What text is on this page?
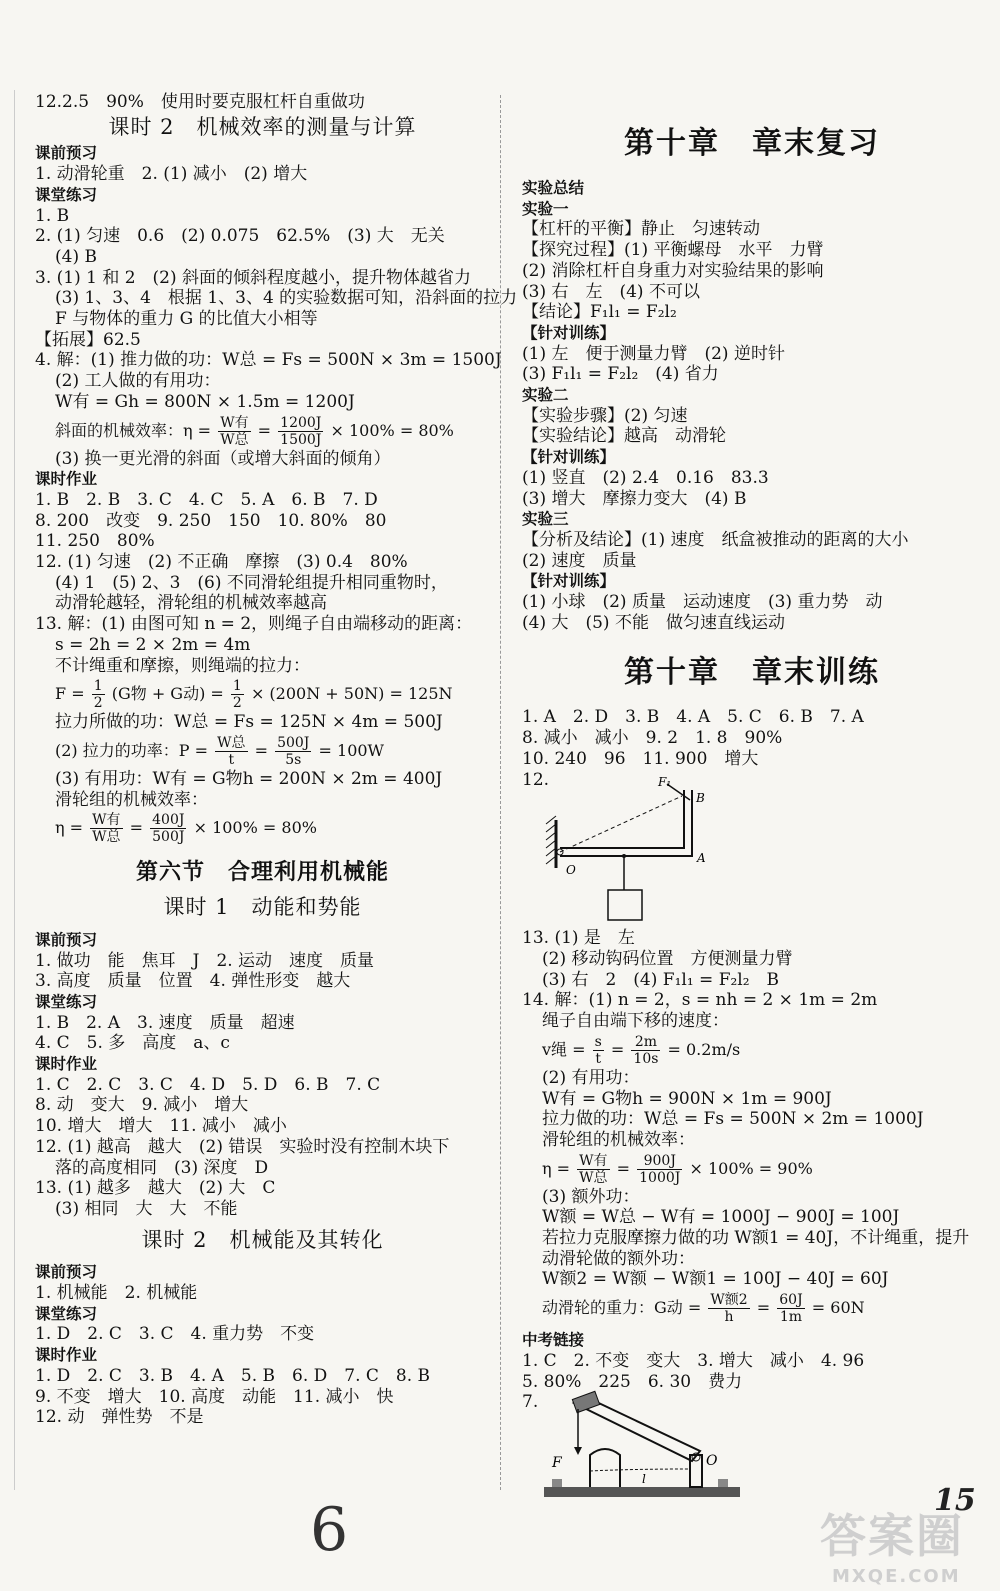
12.2.5　90%　使用时要克服杠杆自重做功
课时 2　机械效率的测量与计算
课前预习
1. 动滑轮重　2. (1) 减小　(2) 增大
课堂练习
1. B
2. (1) 匀速　0.6　(2) 0.075　62.5%　(3) 大　无关
(4) B
3. (1) 1 和 2　(2) 斜面的倾斜程度越小，提升物体越省力
(3) 1、3、4　根据 1、3、4 的实验数据可知，沿斜面的拉力
F 与物体的重力 G 的比值大小相等
【拓展】62.5
4. 解：(1) 推力做的功：W总 = Fs = 500N × 3m = 1500J
(2) 工人做的有用功：
W有 = Gh = 800N × 1.5m = 1200J
斜面的机械效率：$\eta = \frac{\text{W有}}{\text{W总}} = \frac{1200J}{1500J} \times 100\% = 80\%$
(3) 换一更光滑的斜面（或增大斜面的倾角）
课时作业
1. B　2. B　3. C　4. C　5. A　6. B　7. D
8. 200　改变　9. 250　150　10. 80%　80
11. 250　80%
12. (1) 匀速　(2) 不正确　摩擦　(3) 0.4　80%
(4) 1　(5) 2、3　(6) 不同滑轮组提升相同重物时，
动滑轮越轻，滑轮组的机械效率越高
13. 解：(1) 由图可知 n = 2，则绳子自由端移动的距离：
s = 2h = 2 × 2m = 4m
不计绳重和摩擦，则绳端的拉力：
$F = \frac{1}{2} (G$物 + G动) = $\frac{1}{2} \times (200N + 50N) = 125N$
拉力所做的功：W总 = Fs = 125N × 4m = 500J
(2) 拉力的功率：$P = \frac{\text{W总}}{t} = \frac{500J}{5s} = 100W$
(3) 有用功：W有 = G物h = 200N × 2m = 400J
滑轮组的机械效率：
$\eta = \frac{\text{W有}}{\text{W总}} = \frac{400J}{500J} \times 100\% = 80\%$
第六节　合理利用机械能
课时 1　动能和势能
课前预习
1. 做功　能　焦耳　J　2. 运动　速度　质量
3. 高度　质量　位置　4. 弹性形变　越大
课堂练习
1. B　2. A　3. 速度　质量　超速
4. C　5. 多　高度　a、c
课时作业
1. C　2. C　3. C　4. D　5. D　6. B　7. C
8. 动　变大　9. 减小　增大
10. 增大　增大　11. 减小　减小
12. (1) 越高　越大　(2) 错误　实验时没有控制木块下
落的高度相同　(3) 深度　D
13. (1) 越多　越大　(2) 大　C
(3) 相同　大　大　不能
课时 2　机械能及其转化
课前预习
1. 机械能　2. 机械能
课堂练习
1. D　2. C　3. C　4. 重力势　不变
课时作业
1. D　2. C　3. B　4. A　5. B　6. D　7. C　8. B
9. 不变　增大　10. 高度　动能　11. 减小　快
12. 动　弹性势　不是
第十章　章末复习
实验总结
实验一
【杠杆的平衡】静止　匀速转动
【探究过程】(1) 平衡螺母　水平　力臂
(2) 消除杠杆自身重力对实验结果的影响
(3) 右　左　(4) 不可以
【结论】F₁l₁ = F₂l₂
【针对训练】
(1) 左　便于测量力臂　(2) 逆时针
(3) F₁l₁ = F₂l₂　(4) 省力
实验二
【实验步骤】(2) 匀速
【实验结论】越高　动滑轮
【针对训练】
(1) 竖直　(2) 2.4　0.16　83.3
(3) 增大　摩擦力变大　(4) B
实验三
【分析及结论】(1) 速度　纸盒被推动的距离的大小
(2) 速度　质量
【针对训练】
(1) 小球　(2) 质量　运动速度　(3) 重力势　动
(4) 大　(5) 不能　做匀速直线运动
第十章　章末训练
1. A　2. D　3. B　4. A　5. C　6. B　7. A
8. 减小　减小　9. 2　1. 8　90%
10. 240　96　11. 900　增大
12.	F₁
B
A
O
13. (1) 是　左
(2) 移动钩码位置　方便测量力臂
(3) 右　2　(4) F₁l₁ = F₂l₂　B
14. 解：(1) n = 2，s = nh = 2 × 1m = 2m
绳子自由端下移的速度：
v绳 = $\frac{s}{t} = \frac{2m}{10s} = 0.2m/s$
(2) 有用功：
W有 = G物h = 900N × 1m = 900J
拉力做的功：W总 = Fs = 500N × 2m = 1000J
滑轮组的机械效率：
$\eta = \frac{\text{W有}}{\text{W总}} = \frac{900J}{1000J} \times 100\% = 90\%$
(3) 额外功：
W额 = W总 − W有 = 1000J − 900J = 100J
若拉力克服摩擦力做的功 W额1 = 40J，不计绳重，提升
动滑轮做的额外功：
W额2 = W额 − W额1 = 100J − 40J = 60J
动滑轮的重力：G动 = $\frac{\text{W额2}}{h} = \frac{60J}{1m} = 60N$
中考链接
1. C　2. 不变　变大　3. 增大　减小　4. 96
5. 80%　225　6. 30　费力
7.
F	O
l
6	15
答案圈
MXQE.COM
